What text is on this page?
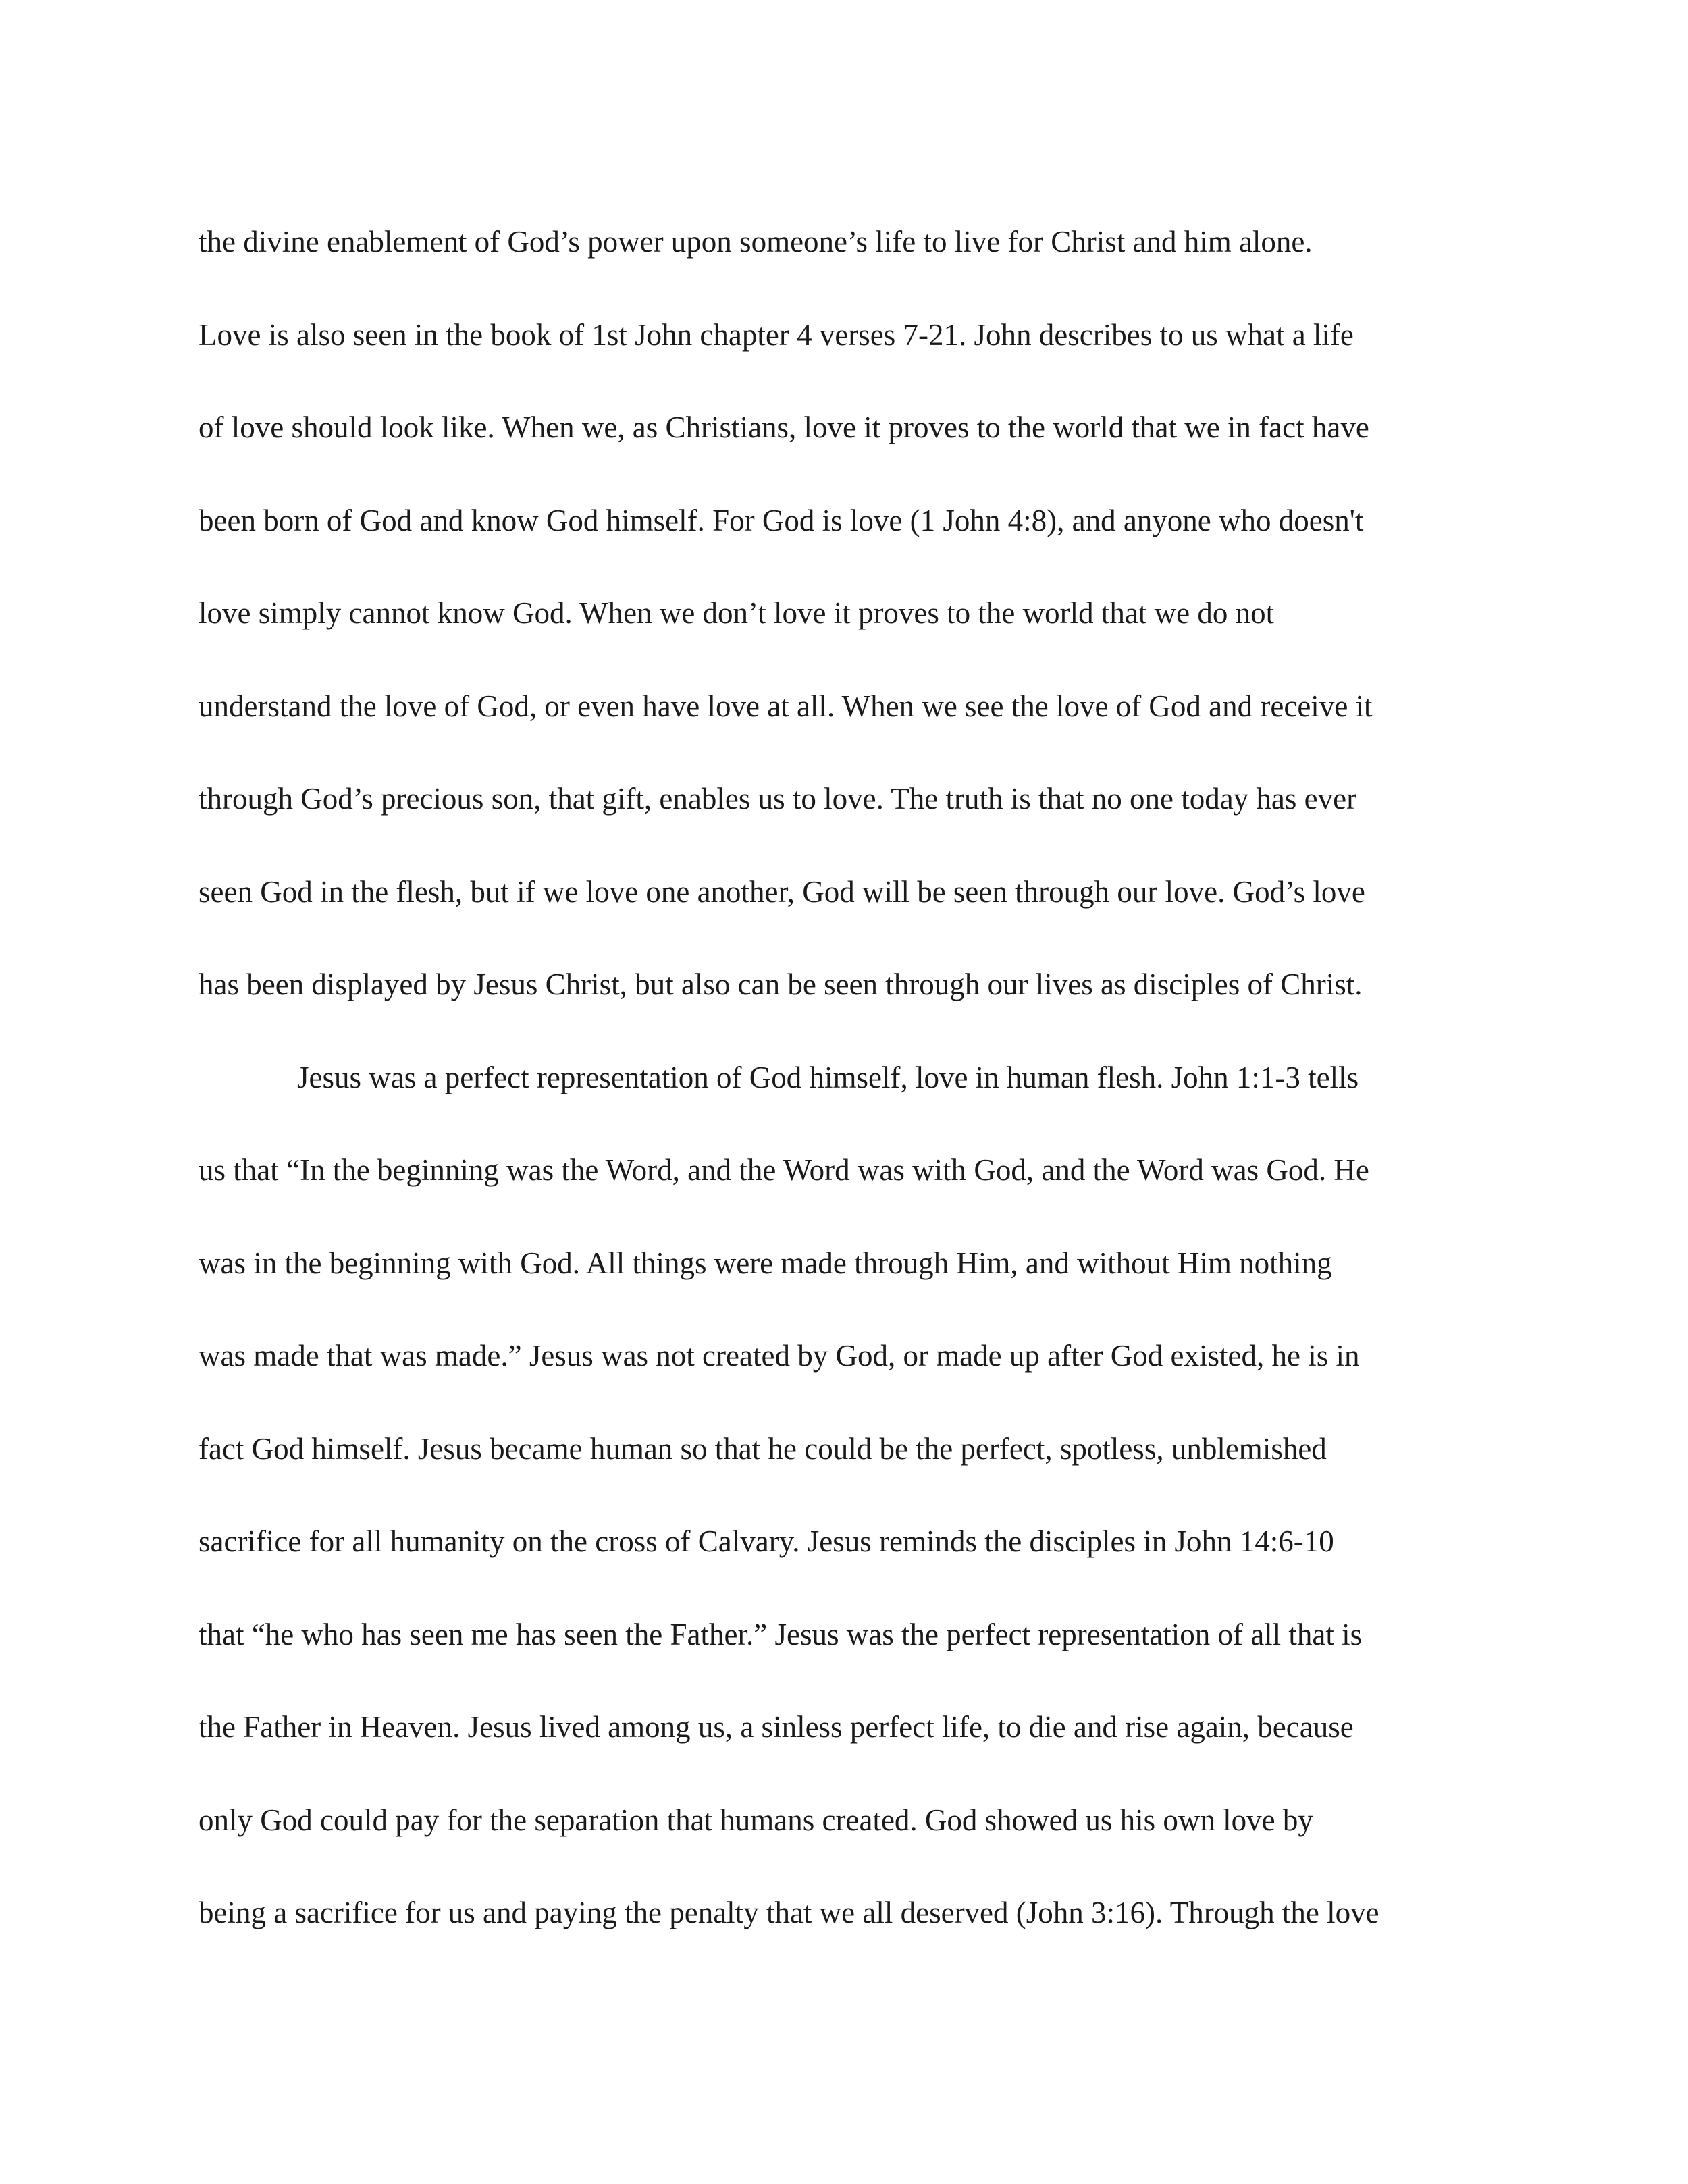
the divine enablement of God’s power upon someone’s life to live for Christ and him alone.
Love is also seen in the book of 1st John chapter 4 verses 7-21. John describes to us what a life
of love should look like. When we, as Christians, love it proves to the world that we in fact have
been born of God and know God himself. For God is love (1 John 4:8), and anyone who doesn't
love simply cannot know God. When we don’t love it proves to the world that we do not
understand the love of God, or even have love at all. When we see the love of God and receive it
through God’s precious son, that gift, enables us to love. The truth is that no one today has ever
seen God in the flesh, but if we love one another, God will be seen through our love. God’s love
has been displayed by Jesus Christ, but also can be seen through our lives as disciples of Christ.
Jesus was a perfect representation of God himself, love in human flesh. John 1:1-3 tells
us that “In the beginning was the Word, and the Word was with God, and the Word was God. He
was in the beginning with God. All things were made through Him, and without Him nothing
was made that was made.” Jesus was not created by God, or made up after God existed, he is in
fact God himself. Jesus became human so that he could be the perfect, spotless, unblemished
sacrifice for all humanity on the cross of Calvary. Jesus reminds the disciples in John 14:6-10
that “he who has seen me has seen the Father.” Jesus was the perfect representation of all that is
the Father in Heaven. Jesus lived among us, a sinless perfect life, to die and rise again, because
only God could pay for the separation that humans created. God showed us his own love by
being a sacrifice for us and paying the penalty that we all deserved (John 3:16). Through the love
